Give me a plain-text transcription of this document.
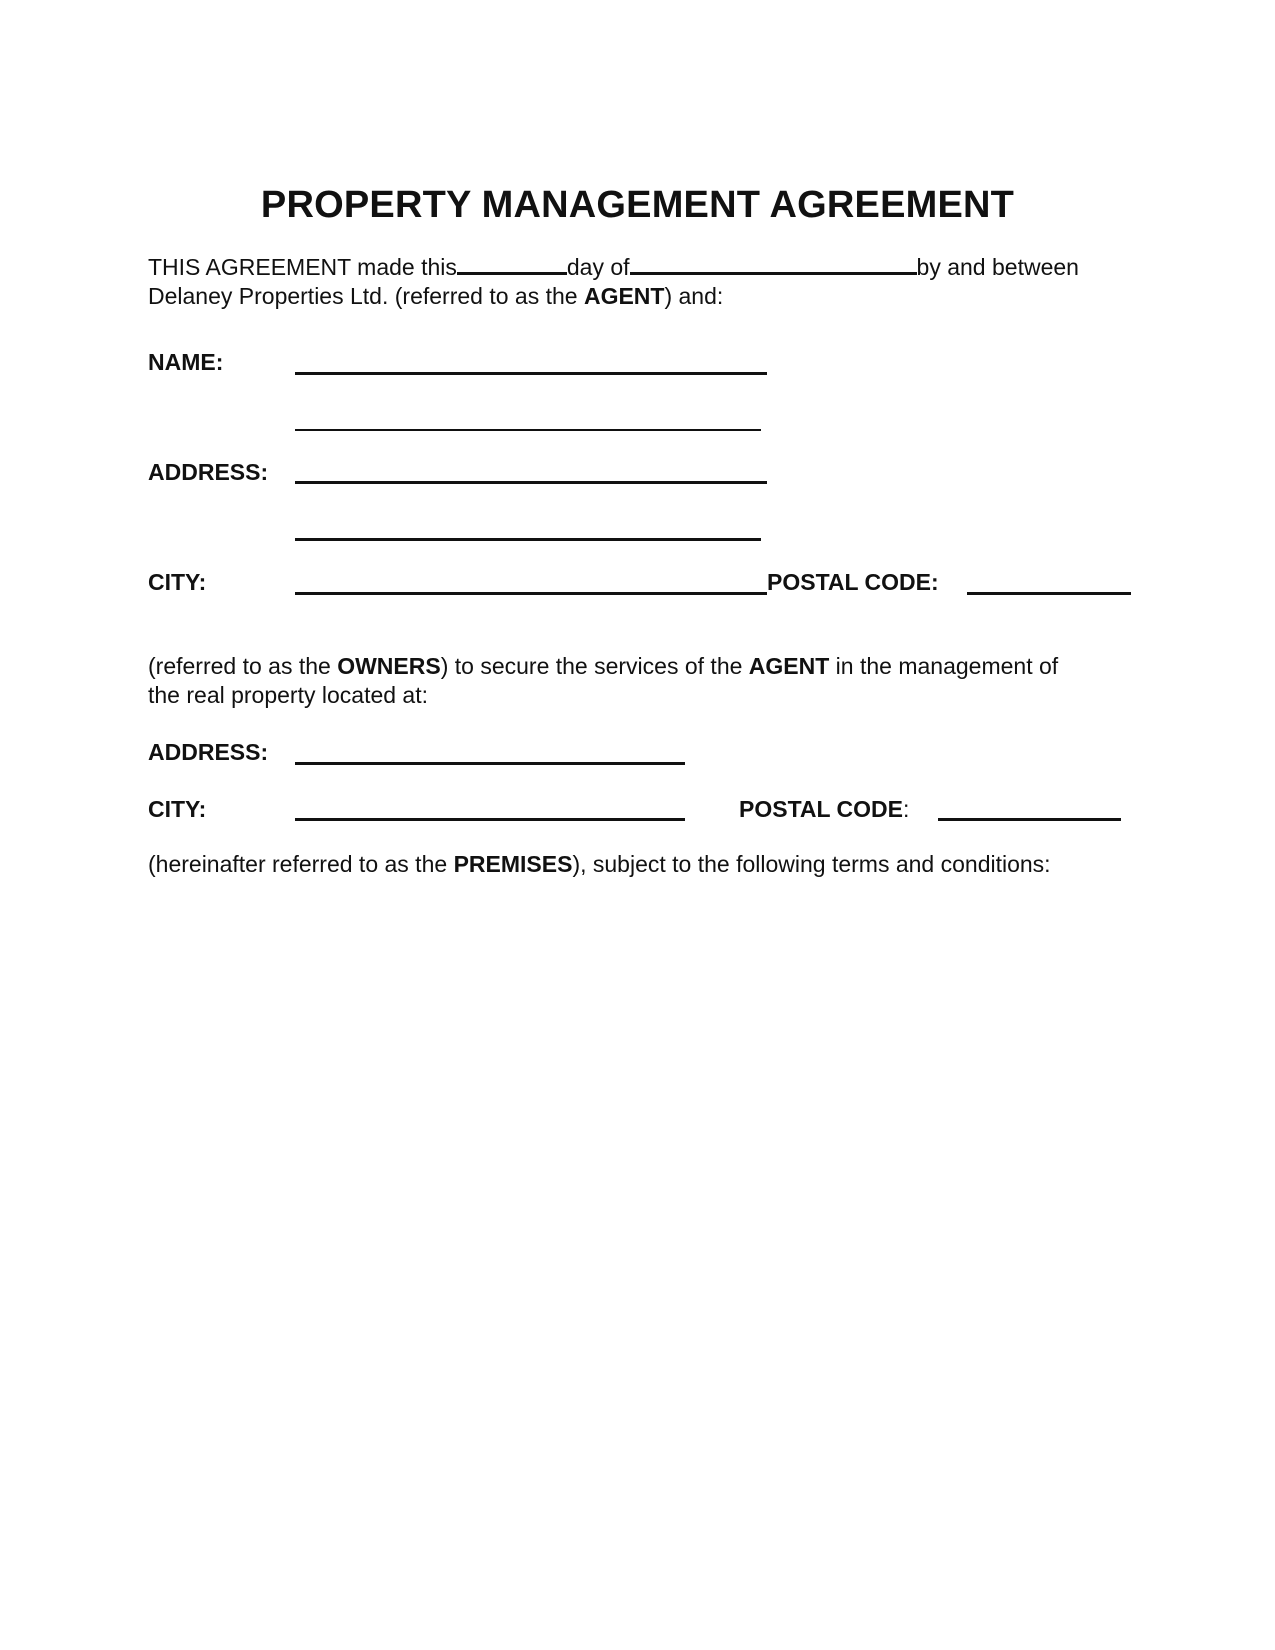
PROPERTY MANAGEMENT AGREEMENT
THIS AGREEMENT made this	day of	by and between
Delaney Properties Ltd. (referred to as the AGENT) and:
NAME:
ADDRESS:
CITY:	POSTAL CODE:
(referred to as the OWNERS) to secure the services of the AGENT in the management of
the real property located at:
ADDRESS:
CITY:	POSTAL CODE:
(hereinafter referred to as the PREMISES), subject to the following terms and conditions:
